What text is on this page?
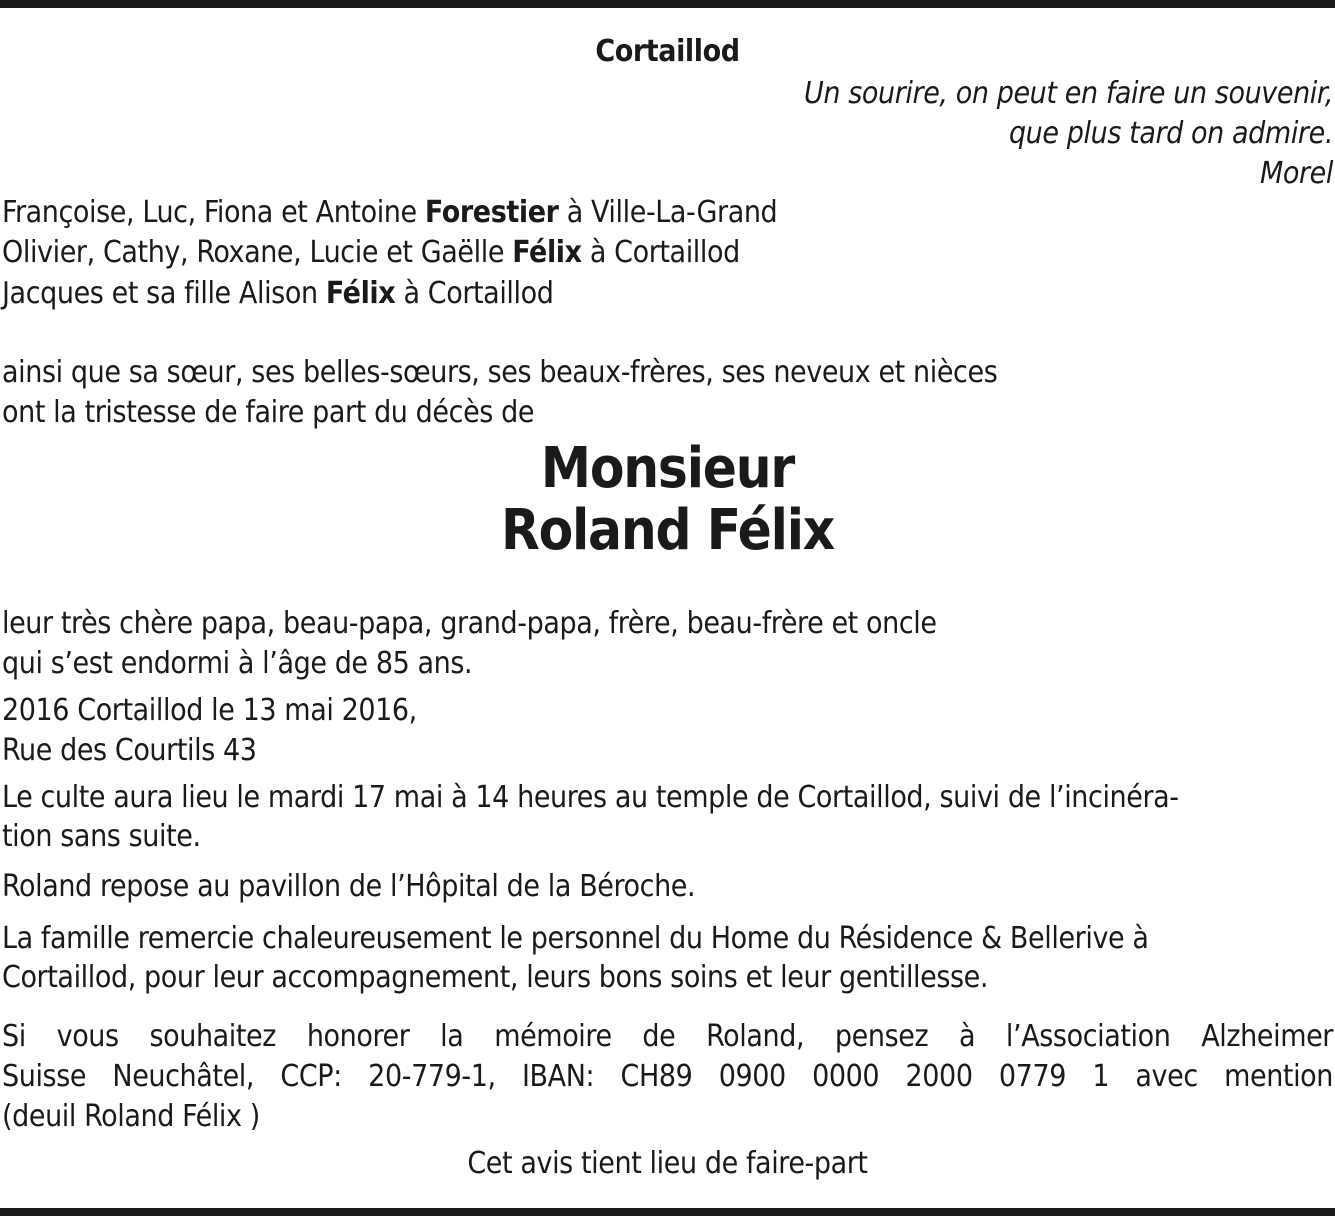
Cortaillod
Un sourire, on peut en faire un souvenir,
que plus tard on admire.
Morel
Françoise, Luc, Fiona et Antoine Forestier à Ville-La-Grand
Olivier, Cathy, Roxane, Lucie et Gaëlle Félix à Cortaillod
Jacques et sa fille Alison Félix à Cortaillod
ainsi que sa sœur, ses belles-sœurs, ses beaux-frères, ses neveux et nièces
ont la tristesse de faire part du décès de
Monsieur
Roland Félix
leur très chère papa, beau-papa, grand-papa, frère, beau-frère et oncle
qui s’est endormi à l’âge de 85 ans.
2016 Cortaillod le 13 mai 2016,
Rue des Courtils 43
Le culte aura lieu le mardi 17 mai à 14 heures au temple de Cortaillod, suivi de l’incinéra-
tion sans suite.
Roland repose au pavillon de l’Hôpital de la Béroche.
La famille remercie chaleureusement le personnel du Home du Résidence & Bellerive à
Cortaillod, pour leur accompagnement, leurs bons soins et leur gentillesse.
Si vous souhaitez honorer la mémoire de Roland, pensez à l’Association Alzheimer
Suisse Neuchâtel, CCP: 20-779-1, IBAN: CH89 0900 0000 2000 0779 1 avec mention
(deuil Roland Félix )
Cet avis tient lieu de faire-part
